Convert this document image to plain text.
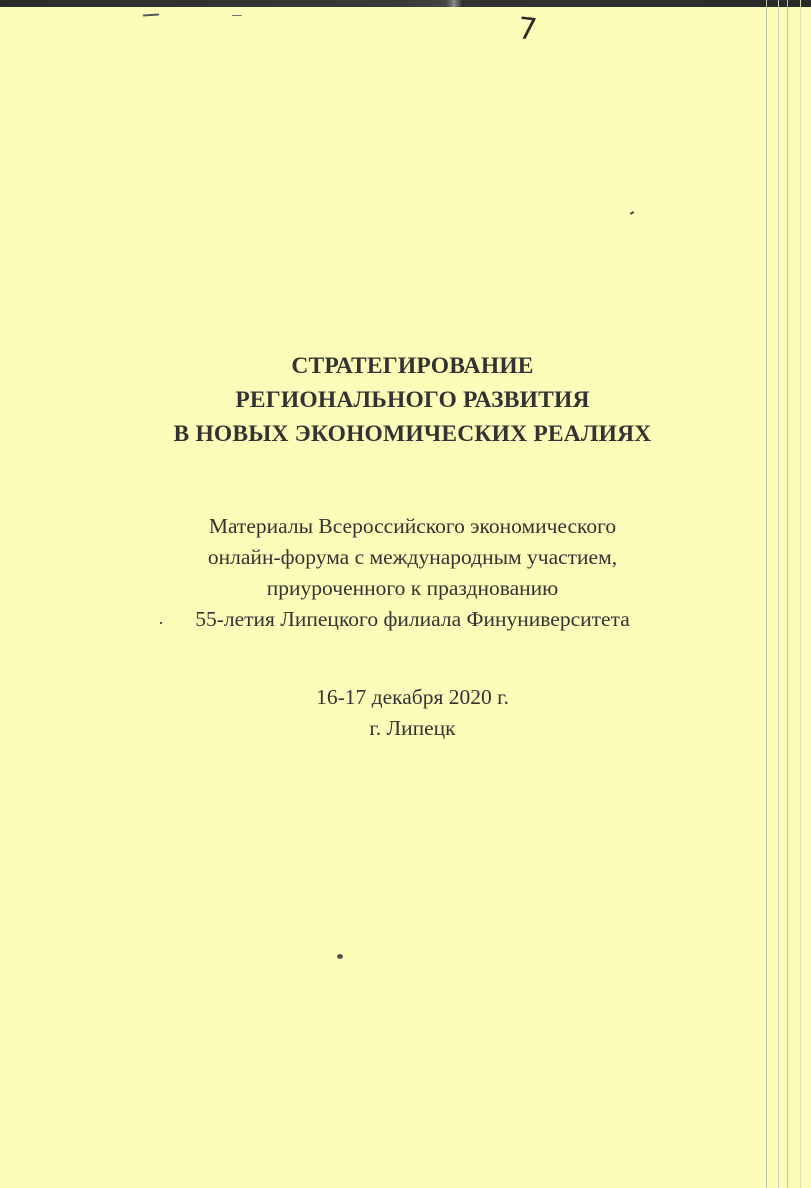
7
СТРАТЕГИРОВАНИЕ
РЕГИОНАЛЬНОГО РАЗВИТИЯ
В НОВЫХ ЭКОНОМИЧЕСКИХ РЕАЛИЯХ
Материалы Всероссийского экономического
онлайн-форума с международным участием,
приуроченного к празднованию
55-летия Липецкого филиала Финуниверситета
16-17 декабря 2020 г.
г. Липецк
